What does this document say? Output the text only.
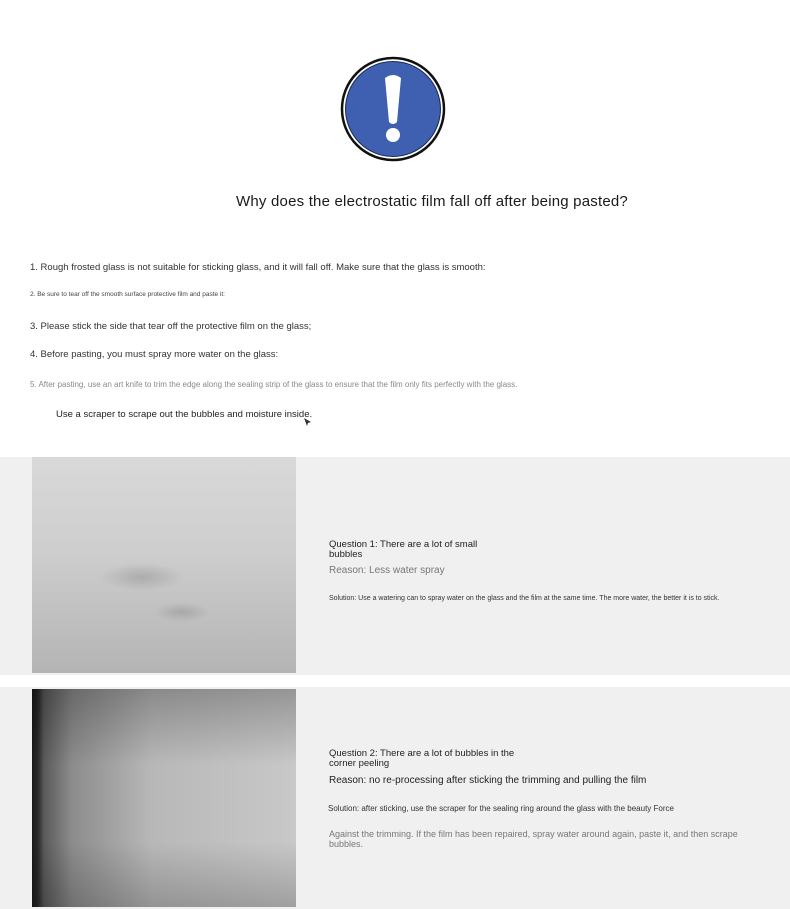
Why does the electrostatic film fall off after being pasted?
1. Rough frosted glass is not suitable for sticking glass, and it will fall off. Make sure that the glass is smooth:
2. Be sure to tear off the smooth surface protective film and paste it:
3. Please stick the side that tear off the protective film on the glass;
4. Before pasting, you must spray more water on the glass:
5. After pasting, use an art knife to trim the edge along the sealing strip of the glass to ensure that the film only fits perfectly with the glass.
Use a scraper to scrape out the bubbles and moisture inside.
Question 1: There are a lot of small bubbles
Reason: Less water spray
Solution: Use a watering can to spray water on the glass and the film at the same time. The more water, the better it is to stick.
Question 2: There are a lot of bubbles in the corner peeling
Reason: no re-processing after sticking the trimming and pulling the film
Solution: after sticking, use the scraper for the sealing ring around the glass with the beauty Force
Against the trimming. If the film has been repaired, spray water around again, paste it, and then scrape bubbles.
